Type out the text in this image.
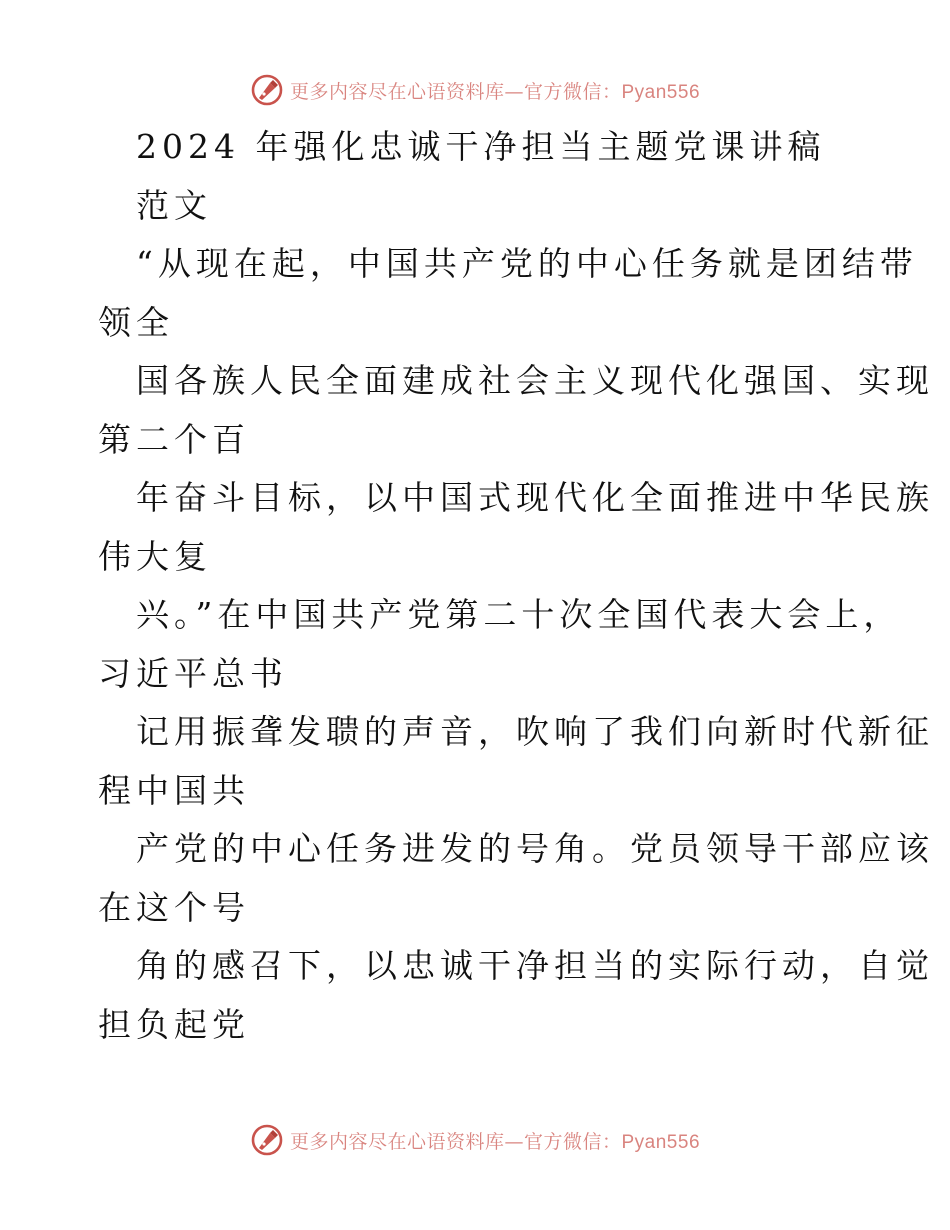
更多内容尽在心语资料库—官方微信：Pyan556
2024 年强化忠诚干净担当主题党课讲稿
范文
“从现在起，中国共产党的中心任务就是团结带
领全
国各族人民全面建成社会主义现代化强国、实现
第二个百
年奋斗目标，以中国式现代化全面推进中华民族
伟大复
兴。”在中国共产党第二十次全国代表大会上，
习近平总书
记用振聋发聩的声音，吹响了我们向新时代新征
程中国共
产党的中心任务进发的号角。党员领导干部应该
在这个号
角的感召下，以忠诚干净担当的实际行动，自觉
担负起党
更多内容尽在心语资料库—官方微信：Pyan556
